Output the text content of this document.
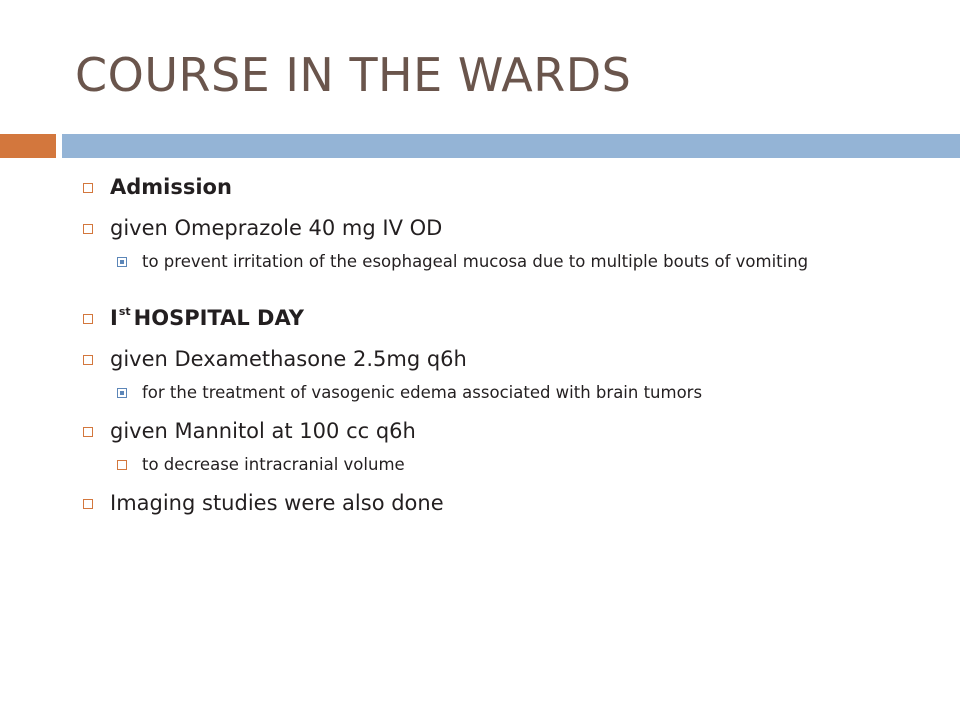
COURSE IN THE WARDS
Admission
given Omeprazole 40 mg IV OD
to prevent irritation of the esophageal mucosa due to multiple bouts of vomiting
Ist HOSPITAL DAY
given Dexamethasone 2.5mg q6h
for the treatment of vasogenic edema associated with brain tumors
given Mannitol at 100 cc q6h
to decrease intracranial volume
Imaging studies were also done
